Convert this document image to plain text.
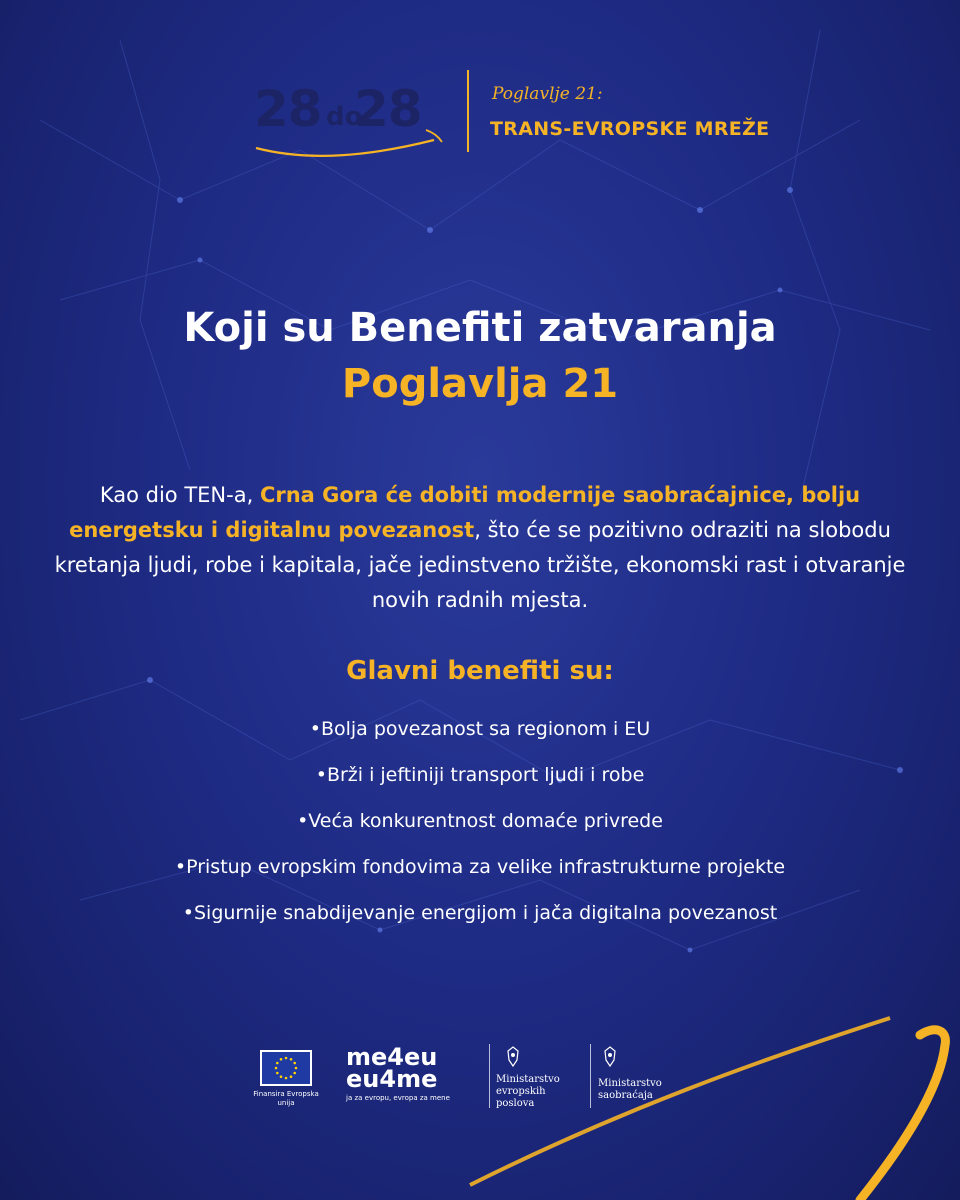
28 do
28	Poglavlje 21:
TRANS-EVROPSKE MREŽE
Koji su Benefiti zatvaranja
Poglavlja 21

Kao dio TEN-a, Crna Gora će dobiti modernije saobraćajnice, bolju energetsku i digitalnu povezanost, što će se pozitivno odraziti na slobodu kretanja ljudi, robe i kapitala, jače jedinstveno tržište, ekonomski rast i otvaranje novih radnih mjesta.

Glavni benefiti su:
•Bolja povezanost sa regionom i EU
•Brži i jeftiniji transport ljudi i robe
•Veća konkurentnost domaće privrede
•Pristup evropskim fondovima za velike infrastrukturne projekte
•Sigurnije snabdijevanje energijom i jača digitalna povezanost
Finansira Evropska unija
me4eu
eu4me
ja za evropu, evropa za mene
Ministarstvo evropskih poslova
Ministarstvo saobraćaja
